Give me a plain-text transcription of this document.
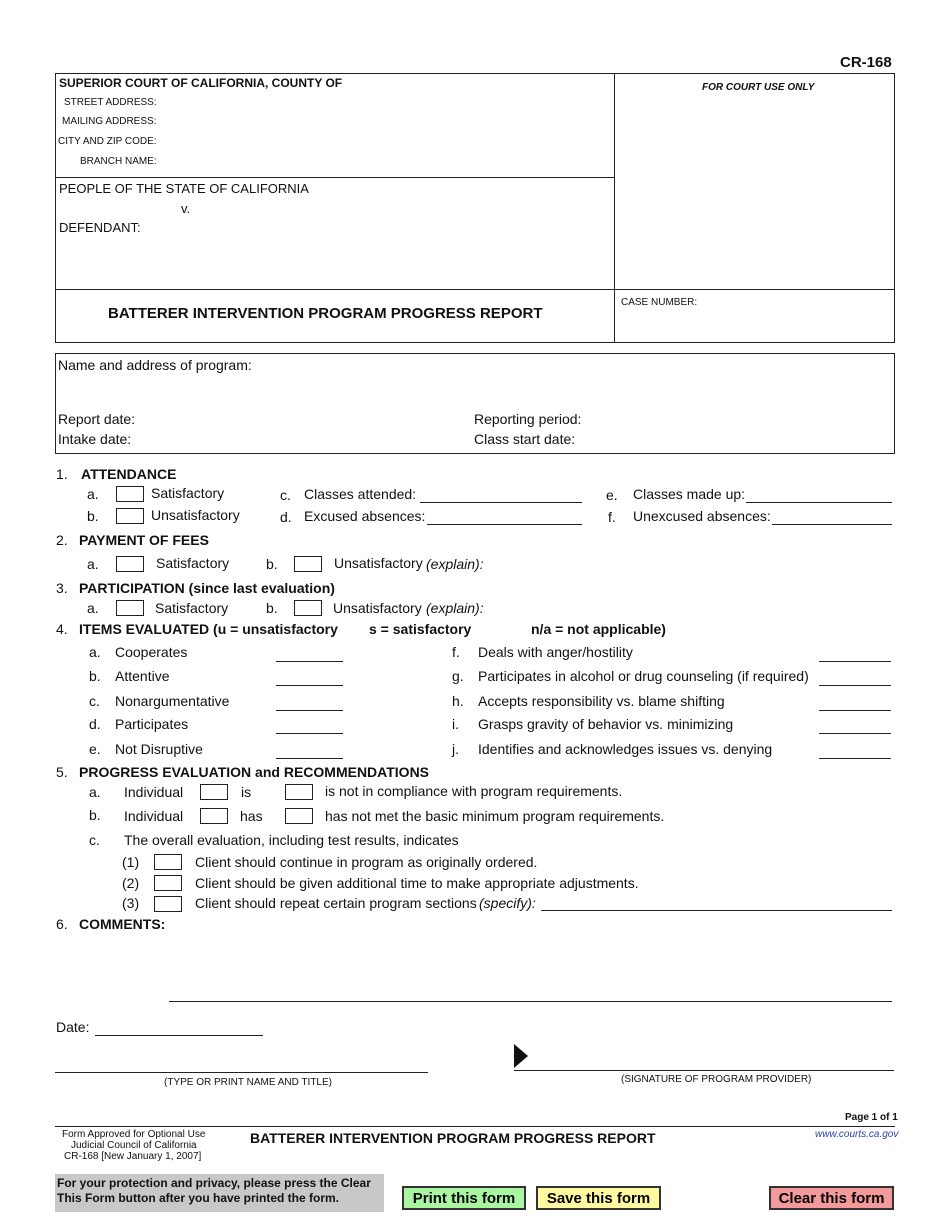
CR-168
SUPERIOR COURT OF CALIFORNIA, COUNTY OF
STREET ADDRESS:
MAILING ADDRESS:
CITY AND ZIP CODE:
BRANCH NAME:
FOR COURT USE ONLY
PEOPLE OF THE STATE OF CALIFORNIA
v.
DEFENDANT:
BATTERER INTERVENTION PROGRAM PROGRESS REPORT
CASE NUMBER:
Name and address of program:
Report date:
Intake date:
Reporting period:
Class start date:
1. ATTENDANCE
a.	Satisfactory
b.	Unsatisfactory
c. Classes attended:
d. Excused absences:
e. Classes made up:
f. Unexcused absences:
2. PAYMENT OF FEES
a.	Satisfactory	b.	Unsatisfactory (explain):
3. PARTICIPATION (since last evaluation)
a.	Satisfactory	b.	Unsatisfactory (explain):
4. ITEMS EVALUATED (u = unsatisfactory s = satisfactory	n/a = not applicable)
a. Cooperates
b. Attentive
c. Nonargumentative
d. Participates
e. Not Disruptive
f. Deals with anger/hostility
g. Participates in alcohol or drug counseling (if required)
h. Accepts responsibility vs. blame shifting
i. Grasps gravity of behavior vs. minimizing
j. Identifies and acknowledges issues vs. denying
5. PROGRESS EVALUATION and RECOMMENDATIONS
a. Individual	is	is not in compliance with program requirements.
b. Individual	has	has not met the basic minimum program requirements.
c. The overall evaluation, including test results, indicates
(1)	Client should continue in program as originally ordered.
(2)	Client should be given additional time to make appropriate adjustments.
(3)	Client should repeat certain program sections (specify):
6. COMMENTS:
Date:
(TYPE OR PRINT NAME AND TITLE)	(SIGNATURE OF PROGRAM PROVIDER)
Page 1 of 1
Form Approved for Optional Use
Judicial Council of California
CR-168 [New January 1, 2007]
BATTERER INTERVENTION PROGRAM PROGRESS REPORT	www.courts.ca.gov
For your protection and privacy, please press the Clear
This Form button after you have printed the form.	Print this form	Save this form	Clear this form
